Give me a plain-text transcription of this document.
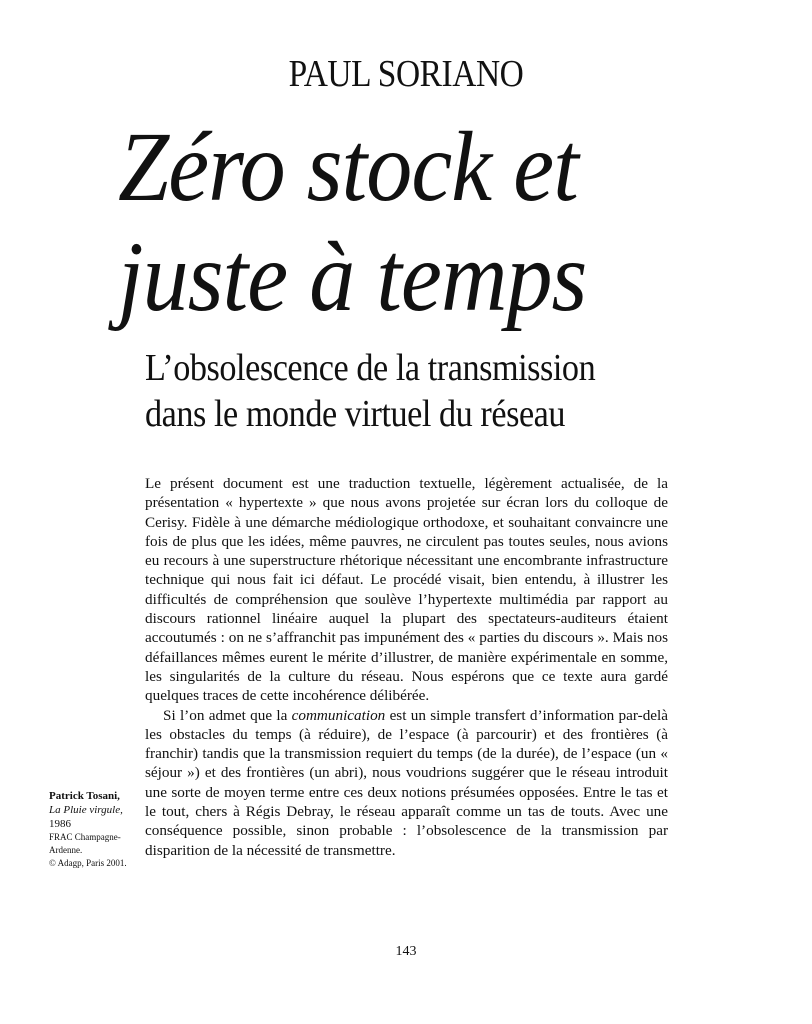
PAUL SORIANO
Zéro stock et
juste à temps
L’obsolescence de la transmission
dans le monde virtuel du réseau

Le présent document est une traduction textuelle, légèrement actualisée, de la présentation « hypertexte » que nous avons projetée sur écran lors du colloque de Cerisy. Fidèle à une démarche médiologique orthodoxe, et souhaitant convaincre une fois de plus que les idées, même pauvres, ne circulent pas toutes seules, nous avions eu recours à une superstructure rhétorique nécessitant une encombrante infrastructure technique qui nous fait ici défaut. Le procédé visait, bien entendu, à illustrer les difficultés de compréhension que soulève l’hypertexte multimédia par rapport au discours rationnel linéaire auquel la plupart des spectateurs-auditeurs étaient accoutumés : on ne s’affranchit pas impunément des « parties du discours ». Mais nos défaillances mêmes eurent le mérite d’illustrer, de manière expérimentale en somme, les singularités de la culture du réseau. Nous espérons que ce texte aura gardé quelques traces de cette incohérence délibérée.

Si l’on admet que la communication est un simple transfert d’information par-delà les obstacles du temps (à réduire), de l’espace (à parcourir) et des frontières (à franchir) tandis que la transmission requiert du temps (de la durée), de l’espace (un « séjour ») et des frontières (un abri), nous voudrions suggérer que le réseau introduit une sorte de moyen terme entre ces deux notions présumées opposées. Entre le tas et le tout, chers à Régis Debray, le réseau apparaît comme un tas de touts. Avec une conséquence possible, sinon probable : l’obsolescence de la transmission par disparition de la nécessité de transmettre.

Patrick Tosani,
La Pluie virgule,
1986
FRAC Champagne-Ardenne.
© Adagp, Paris 2001.
143
